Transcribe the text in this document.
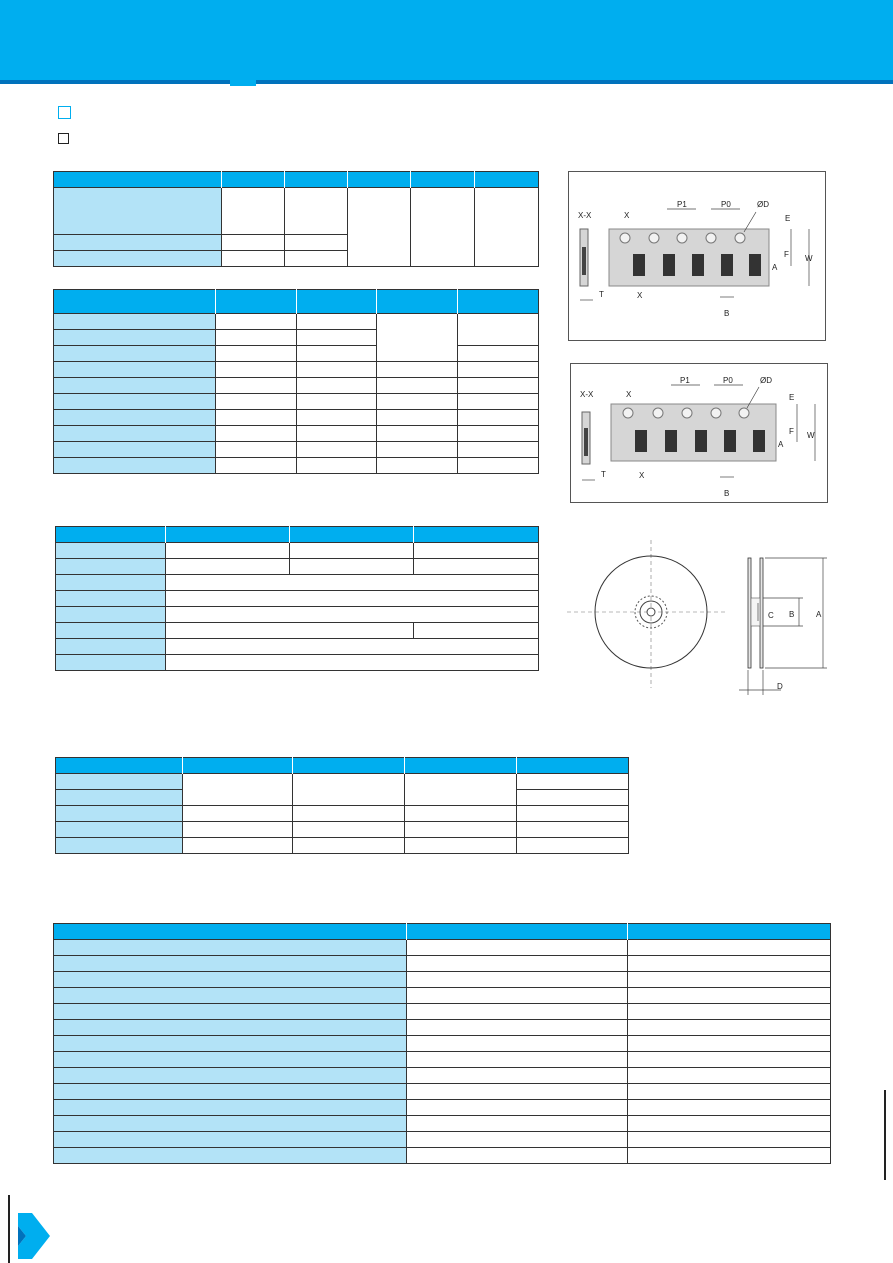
X-X	X
X
P1	P0	ØD
E
F W
A
T
B
X-X	X
X
P1	P0	ØD
E
F W
A
T
B
A
B
C
D
